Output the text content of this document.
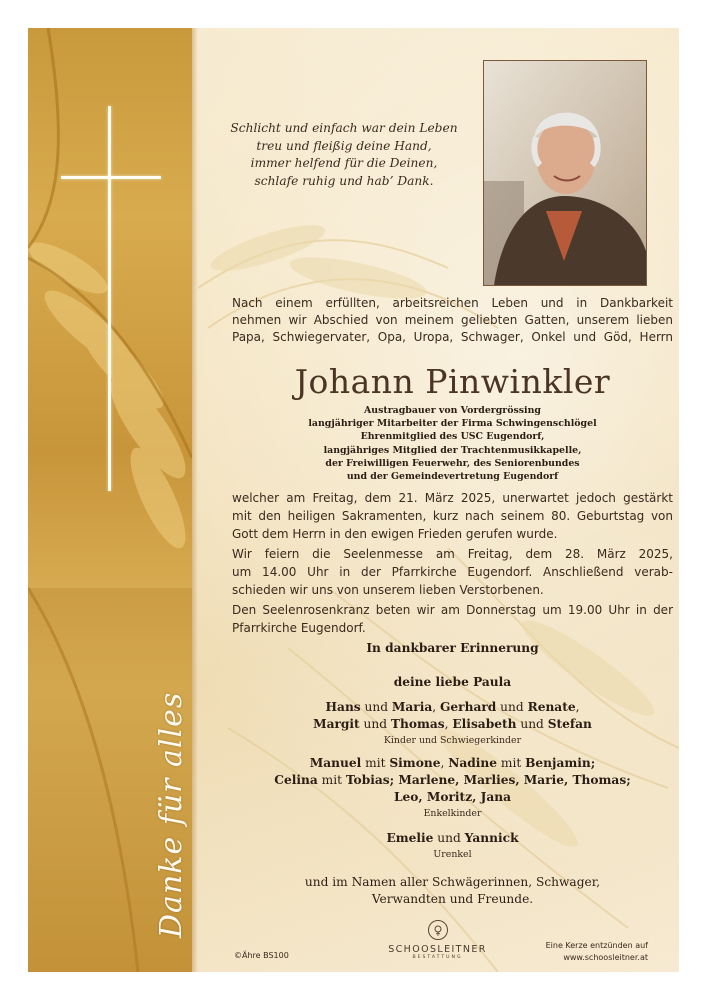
Danke für alles
Schlicht und einfach war dein Leben
treu und fleißig deine Hand,
immer helfend für die Deinen,
schlafe ruhig und hab’ Dank.
Nach einem erfüllten, arbeitsreichen Leben und in Dankbarkeit
nehmen wir Abschied von meinem geliebten Gatten, unserem lieben
Papa, Schwiegervater, Opa, Uropa, Schwager, Onkel und Göd, Herrn
Johann Pinwinkler
Austragbauer von Vordergrössing
langjähriger Mitarbeiter der Firma Schwingenschlögel
Ehrenmitglied des USC Eugendorf,
langjähriges Mitglied der Trachtenmusikkapelle,
der Freiwilligen Feuerwehr, des Seniorenbundes
und der Gemeindevertretung Eugendorf
welcher am Freitag, dem 21. März 2025, unerwartet jedoch gestärkt
mit den heiligen Sakramenten, kurz nach seinem 80. Geburtstag von
Gott dem Herrn in den ewigen Frieden gerufen wurde.
Wir feiern die Seelenmesse am Freitag, dem 28. März 2025,
um 14.00 Uhr in der Pfarrkirche Eugendorf. Anschließend verab-
schieden wir uns von unserem lieben Verstorbenen.
Den Seelenrosenkranz beten wir am Donnerstag um 19.00 Uhr in der
Pfarrkirche Eugendorf.
In dankbarer Erinnerung
deine liebe Paula
Hans und Maria, Gerhard und Renate,
Margit und Thomas, Elisabeth und Stefan
Kinder und Schwiegerkinder
Manuel mit Simone, Nadine mit Benjamin;
Celina mit Tobias; Marlene, Marlies, Marie, Thomas;
Leo, Moritz, Jana
Enkelkinder
Emelie und Yannick
Urenkel
und im Namen aller Schwägerinnen, Schwager,
Verwandten und Freunde.
©Ähre BS100
SCHOOSLEITNER
BESTATTUNG
Eine Kerze entzünden auf
www.schoosleitner.at
